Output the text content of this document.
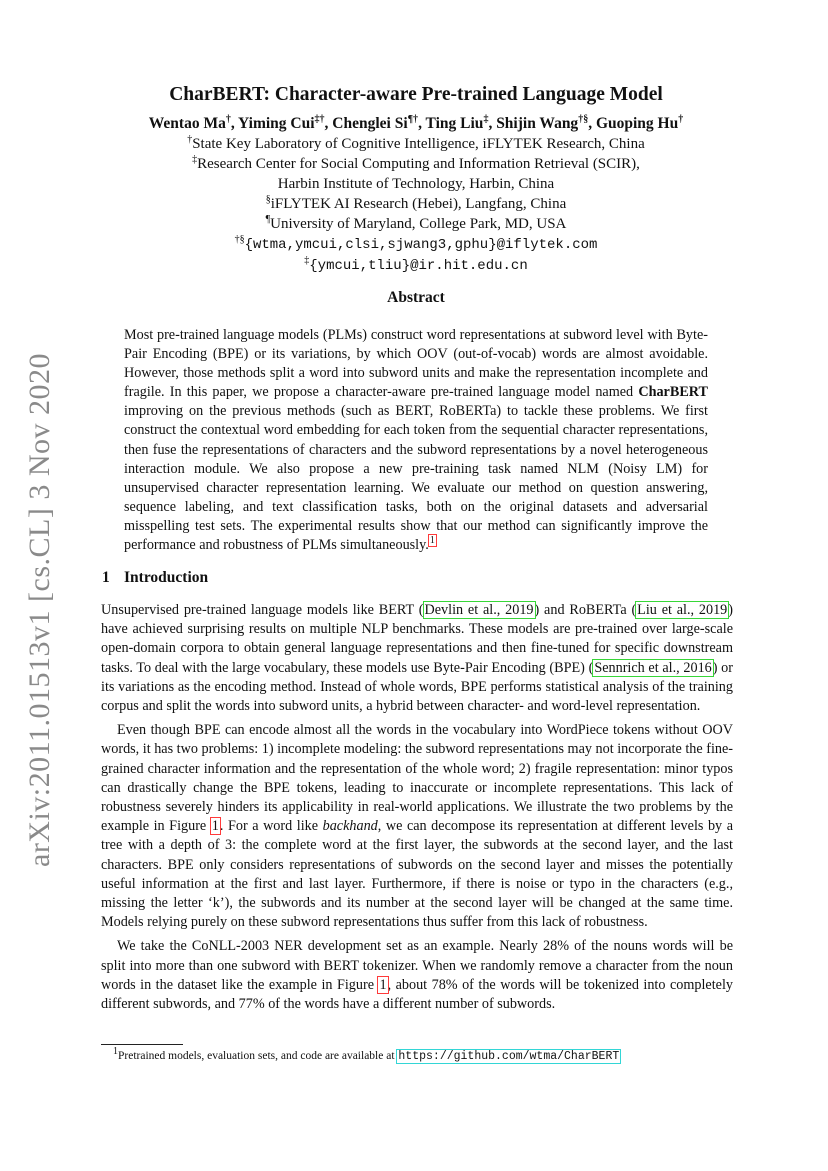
arXiv:2011.01513v1 [cs.CL] 3 Nov 2020
CharBERT: Character-aware Pre-trained Language Model
Wentao Ma†, Yiming Cui‡†, Chenglei Si¶†, Ting Liu‡, Shijin Wang†§, Guoping Hu†
†State Key Laboratory of Cognitive Intelligence, iFLYTEK Research, China
‡Research Center for Social Computing and Information Retrieval (SCIR),
Harbin Institute of Technology, Harbin, China
§iFLYTEK AI Research (Hebei), Langfang, China
¶University of Maryland, College Park, MD, USA
†§{wtma,ymcui,clsi,sjwang3,gphu}@iflytek.com
‡{ymcui,tliu}@ir.hit.edu.cn
Abstract
Most pre-trained language models (PLMs) construct word representations at subword level with Byte-Pair Encoding (BPE) or its variations, by which OOV (out-of-vocab) words are almost avoidable. However, those methods split a word into subword units and make the representation incomplete and fragile. In this paper, we propose a character-aware pre-trained language model named CharBERT improving on the previous methods (such as BERT, RoBERTa) to tackle these problems. We first construct the contextual word embedding for each token from the sequential character representations, then fuse the representations of characters and the subword representations by a novel heterogeneous interaction module. We also propose a new pre-training task named NLM (Noisy LM) for unsupervised character representation learning. We evaluate our method on question answering, sequence labeling, and text classification tasks, both on the original datasets and adversarial misspelling test sets. The experimental results show that our method can significantly improve the performance and robustness of PLMs simultaneously.$^1$
1 Introduction

Unsupervised pre-trained language models like BERT (Devlin et al., 2019) and RoBERTa (Liu et al., 2019) have achieved surprising results on multiple NLP benchmarks. These models are pre-trained over large-scale open-domain corpora to obtain general language representations and then fine-tuned for specific downstream tasks. To deal with the large vocabulary, these models use Byte-Pair Encoding (BPE) (Sennrich et al., 2016) or its variations as the encoding method. Instead of whole words, BPE performs statistical analysis of the training corpus and split the words into subword units, a hybrid between character- and word-level representation.

Even though BPE can encode almost all the words in the vocabulary into WordPiece tokens without OOV words, it has two problems: 1) incomplete modeling: the subword representations may not incorporate the fine-grained character information and the representation of the whole word; 2) fragile representation: minor typos can drastically change the BPE tokens, leading to inaccurate or incomplete representations. This lack of robustness severely hinders its applicability in real-world applications. We illustrate the two problems by the example in Figure 1. For a word like backhand, we can decompose its representation at different levels by a tree with a depth of 3: the complete word at the first layer, the subwords at the second layer, and the last characters. BPE only considers representations of subwords on the second layer and misses the potentially useful information at the first and last layer. Furthermore, if there is noise or typo in the characters (e.g., missing the letter ‘k’), the subwords and its number at the second layer will be changed at the same time. Models relying purely on these subword representations thus suffer from this lack of robustness.

We take the CoNLL-2003 NER development set as an example. Nearly 28% of the nouns words will be split into more than one subword with BERT tokenizer. When we randomly remove a character from the noun words in the dataset like the example in Figure 1, about 78% of the words will be tokenized into completely different subwords, and 77% of the words have a different number of subwords.

$^1$Pretrained models, evaluation sets, and code are available at https://github.com/wtma/CharBERT
